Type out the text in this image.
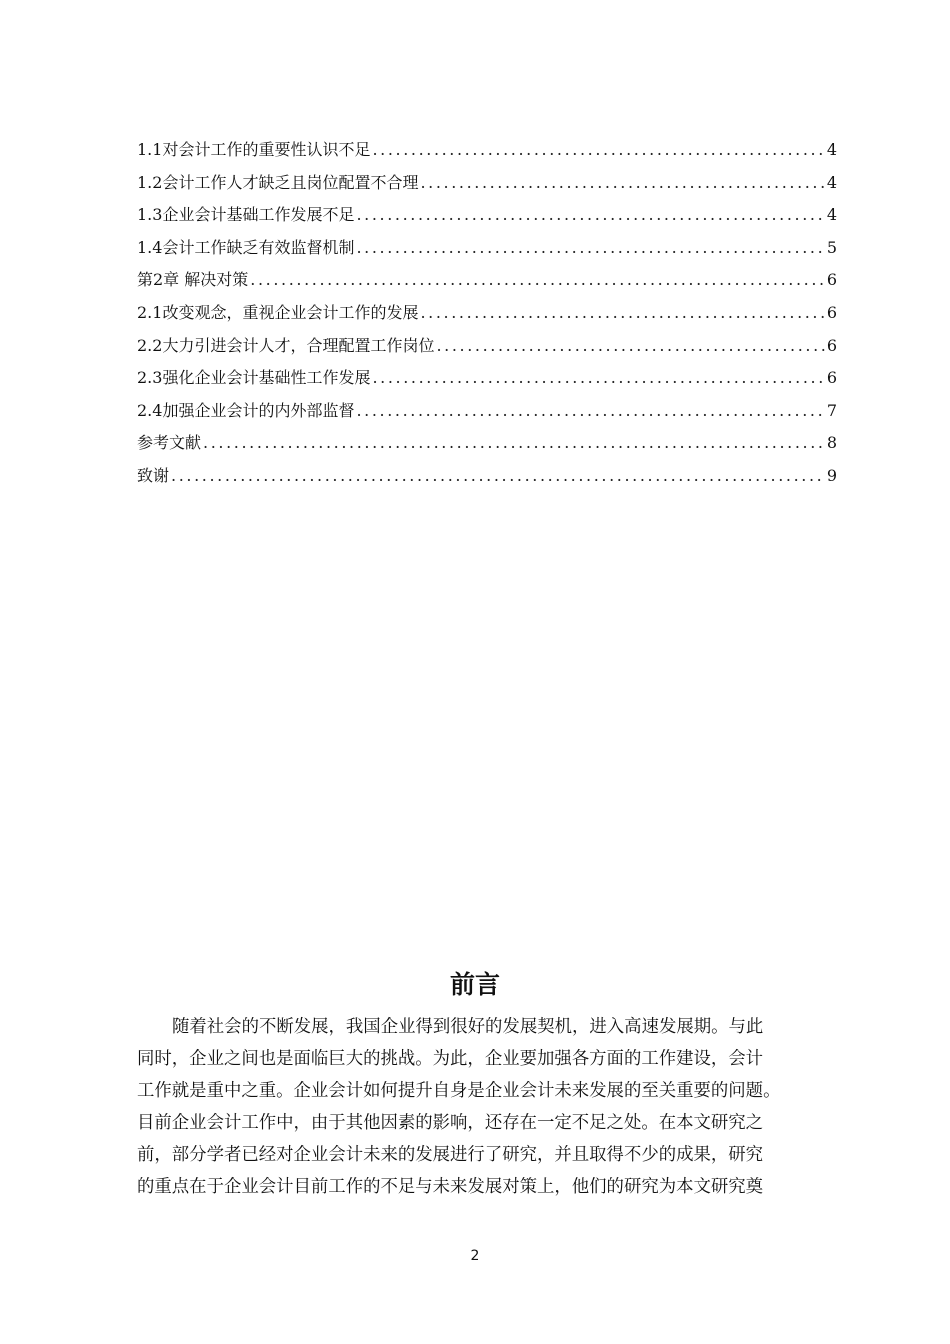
1.1对会计工作的重要性认识不足 .....	4
1.2会计工作人才缺乏且岗位配置不合理 .....	4
1.3企业会计基础工作发展不足 .....	4
1.4会计工作缺乏有效监督机制 .....	5
第2章 解决对策 .....	6
2.1改变观念，重视企业会计工作的发展 .....	6
2.2大力引进会计人才，合理配置工作岗位 .....	6
2.3强化企业会计基础性工作发展 .....	6
2.4加强企业会计的内外部监督 .....	7
参考文献 .....	8
致谢 .....	9
前言
随着社会的不断发展，我国企业得到很好的发展契机，进入高速发展期。与此
同时，企业之间也是面临巨大的挑战。为此，企业要加强各方面的工作建设，会计
工作就是重中之重。企业会计如何提升自身是企业会计未来发展的至关重要的问题。
目前企业会计工作中，由于其他因素的影响，还存在一定不足之处。在本文研究之
前，部分学者已经对企业会计未来的发展进行了研究，并且取得不少的成果，研究
的重点在于企业会计目前工作的不足与未来发展对策上，他们的研究为本文研究奠
2
